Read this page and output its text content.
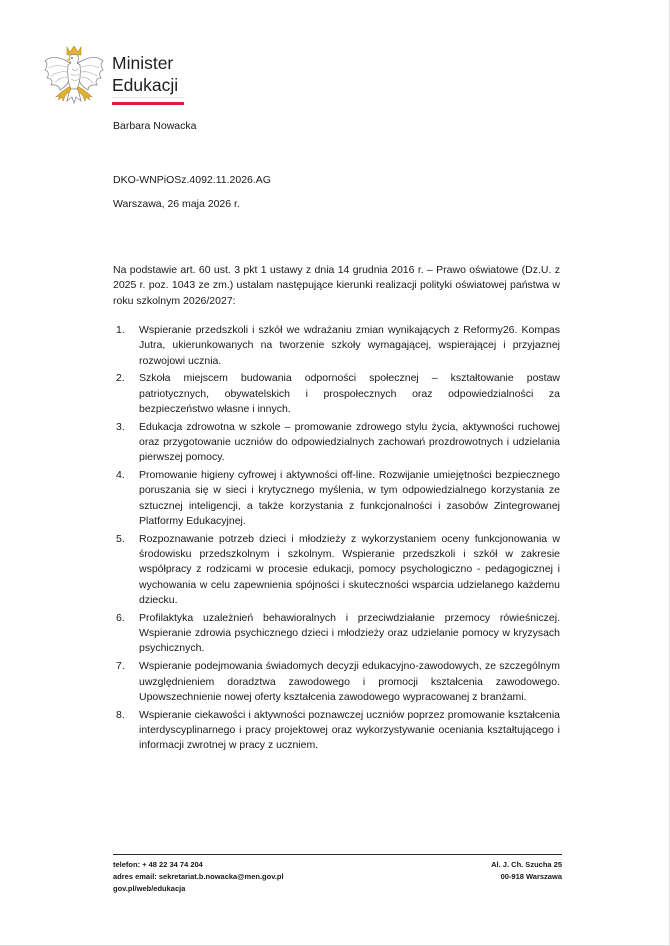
Minister
Edukacji
Barbara Nowacka
DKO-WNPiOSz.4092.11.2026.AG
Warszawa, 26 maja 2026 r.

Na podstawie art. 60 ust. 3 pkt 1 ustawy z dnia 14 grudnia 2016 r. – Prawo oświatowe (Dz.U. z 2025 r. poz. 1043 ze zm.) ustalam następujące kierunki realizacji polityki oświatowej państwa w roku szkolnym 2026/2027:

1.	Wspieranie przedszkoli i szkół we wdrażaniu zmian wynikających z Reformy26. Kompas Jutra, ukierunkowanych na tworzenie szkoły wymagającej, wspierającej i przyjaznej rozwojowi ucznia.
2.	Szkoła miejscem budowania odporności społecznej – kształtowanie postaw patriotycznych, obywatelskich i prospołecznych oraz odpowiedzialności za bezpieczeństwo własne i innych.
3.	Edukacja zdrowotna w szkole – promowanie zdrowego stylu życia, aktywności ruchowej oraz przygotowanie uczniów do odpowiedzialnych zachowań prozdrowotnych i udzielania pierwszej pomocy.
4.	Promowanie higieny cyfrowej i aktywności off-line. Rozwijanie umiejętności bezpiecznego poruszania się w sieci i krytycznego myślenia, w tym odpowiedzialnego korzystania ze sztucznej inteligencji, a także korzystania z funkcjonalności i zasobów Zintegrowanej Platformy Edukacyjnej.
5.	Rozpoznawanie potrzeb dzieci i młodzieży z wykorzystaniem oceny funkcjonowania w środowisku przedszkolnym i szkolnym. Wspieranie przedszkoli i szkół w zakresie współpracy z rodzicami w procesie edukacji, pomocy psychologiczno - pedagogicznej i wychowania w celu zapewnienia spójności i skuteczności wsparcia udzielanego każdemu dziecku.
6.	Profilaktyka uzależnień behawioralnych i przeciwdziałanie przemocy rówieśniczej. Wspieranie zdrowia psychicznego dzieci i młodzieży oraz udzielanie pomocy w kryzysach psychicznych.
7.	Wspieranie podejmowania świadomych decyzji edukacyjno-zawodowych, ze szczególnym uwzględnieniem doradztwa zawodowego i promocji kształcenia zawodowego. Upowszechnienie nowej oferty kształcenia zawodowego wypracowanej z branżami.
8.	Wspieranie ciekawości i aktywności poznawczej uczniów poprzez promowanie kształcenia interdyscyplinarnego i pracy projektowej oraz wykorzystywanie oceniania kształtującego i informacji zwrotnej w pracy z uczniem.
telefon: + 48 22 34 74 204
adres email: sekretariat.b.nowacka@men.gov.pl
gov.pl/web/edukacja
Al. J. Ch. Szucha 25
00-918 Warszawa
